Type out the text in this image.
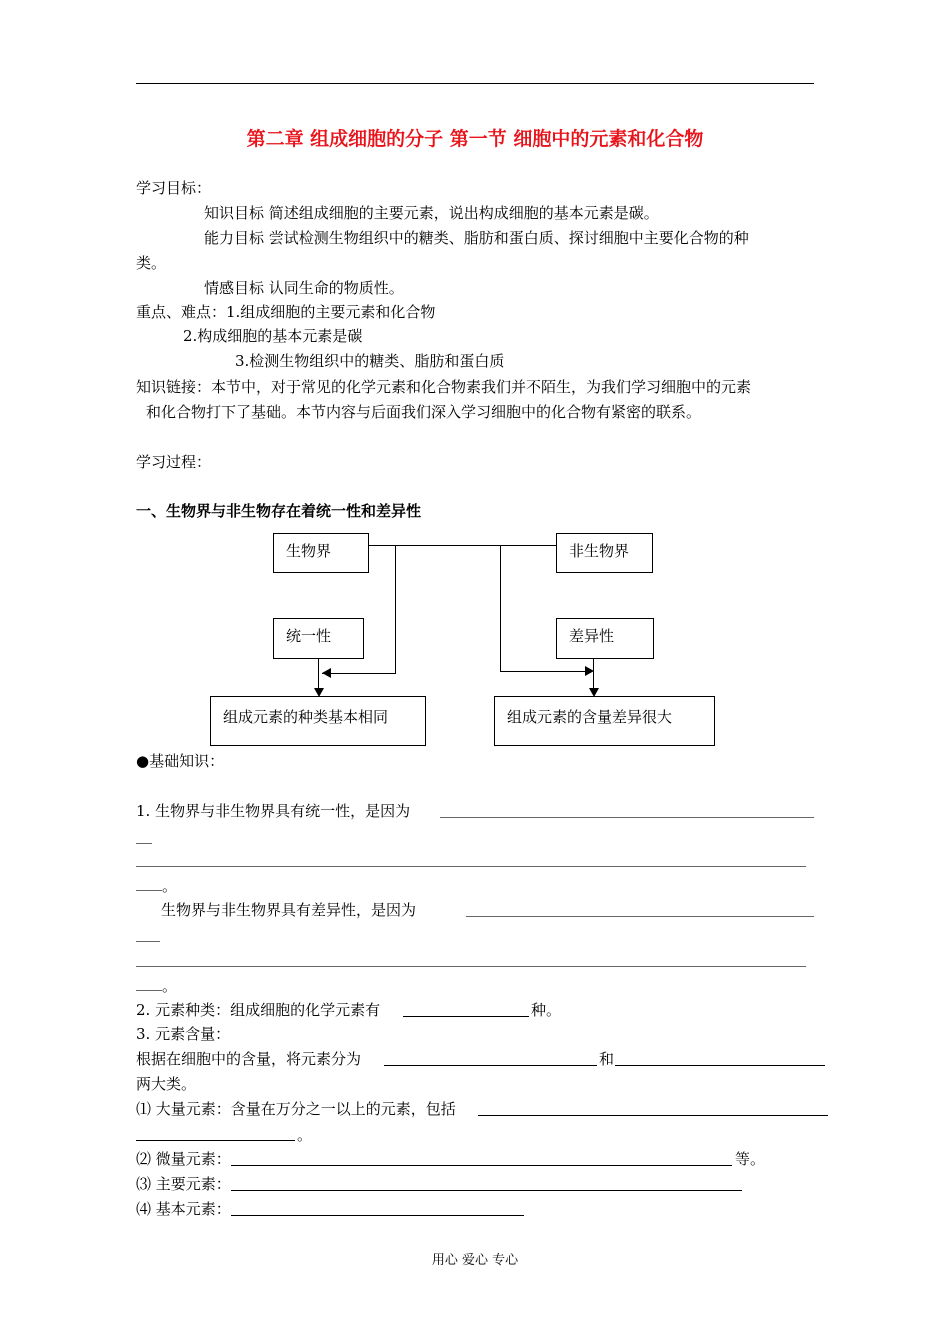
第二章 组成细胞的分子 第一节 细胞中的元素和化合物
学习目标：
知识目标 简述组成细胞的主要元素，说出构成细胞的基本元素是碳。
能力目标 尝试检测生物组织中的糖类、脂肪和蛋白质、探讨细胞中主要化合物的种
类。
情感目标 认同生命的物质性。
重点、难点：1.组成细胞的主要元素和化合物
2.构成细胞的基本元素是碳
3.检测生物组织中的糖类、脂肪和蛋白质
知识链接：本节中，对于常见的化学元素和化合物素我们并不陌生，为我们学习细胞中的元素
和化合物打下了基础。本节内容与后面我们深入学习细胞中的化合物有紧密的联系。
学习过程：
一、生物界与非生物存在着统一性和差异性
生物界	非生物界
统一性	差异性
组成元素的种类基本相同	组成元素的含量差异很大
●基础知识：
1. 生物界与非生物界具有统一性，是因为
。
生物界与非生物界具有差异性，是因为
。
2. 元素种类：组成细胞的化学元素有	种。
3. 元素含量：
根据在细胞中的含量，将元素分为	和
两大类。
⑴ 大量元素：含量在万分之一以上的元素，包括
。
⑵ 微量元素：	等。
⑶ 主要元素：
⑷ 基本元素：
用心 爱心 专心
